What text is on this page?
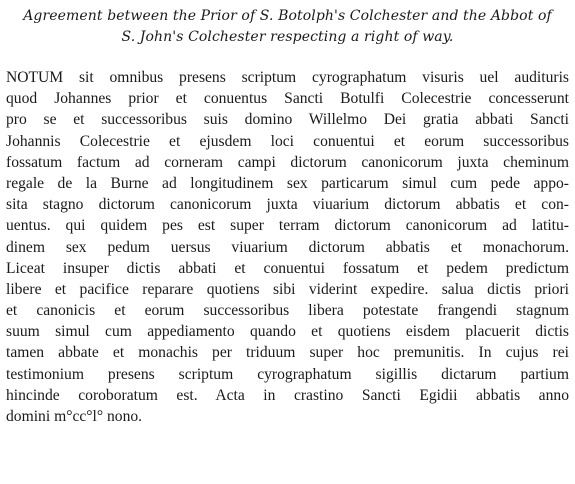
Agreement between the Prior of S. Botolph's Colchester and the Abbot of
S. John's Colchester respecting a right of way.
NOTUM sit omnibus presens scriptum cyrographatum visuris uel audituris
quod Johannes prior et conuentus Sancti Botulfi Colecestrie concesserunt
pro se et successoribus suis domino Willelmo Dei gratia abbati Sancti
Johannis Colecestrie et ejusdem loci conuentui et eorum successoribus
fossatum factum ad corneram campi dictorum canonicorum juxta cheminum
regale de la Burne ad longitudinem sex particarum simul cum pede appo-
sita stagno dictorum canonicorum juxta viuarium dictorum abbatis et con-
uentus. qui quidem pes est super terram dictorum canonicorum ad latitu-
dinem sex pedum uersus viuarium dictorum abbatis et monachorum.
Liceat insuper dictis abbati et conuentui fossatum et pedem predictum
libere et pacifice reparare quotiens sibi viderint expedire. salua dictis priori
et canonicis et eorum successoribus libera potestate frangendi stagnum
suum simul cum appediamento quando et quotiens eisdem placuerit dictis
tamen abbate et monachis per triduum super hoc premunitis. In cujus rei
testimonium presens scriptum cyrographatum sigillis dictarum partium
hincinde coroboratum est. Acta in crastino Sancti Egidii abbatis anno
domini m°cc°l° nono.
